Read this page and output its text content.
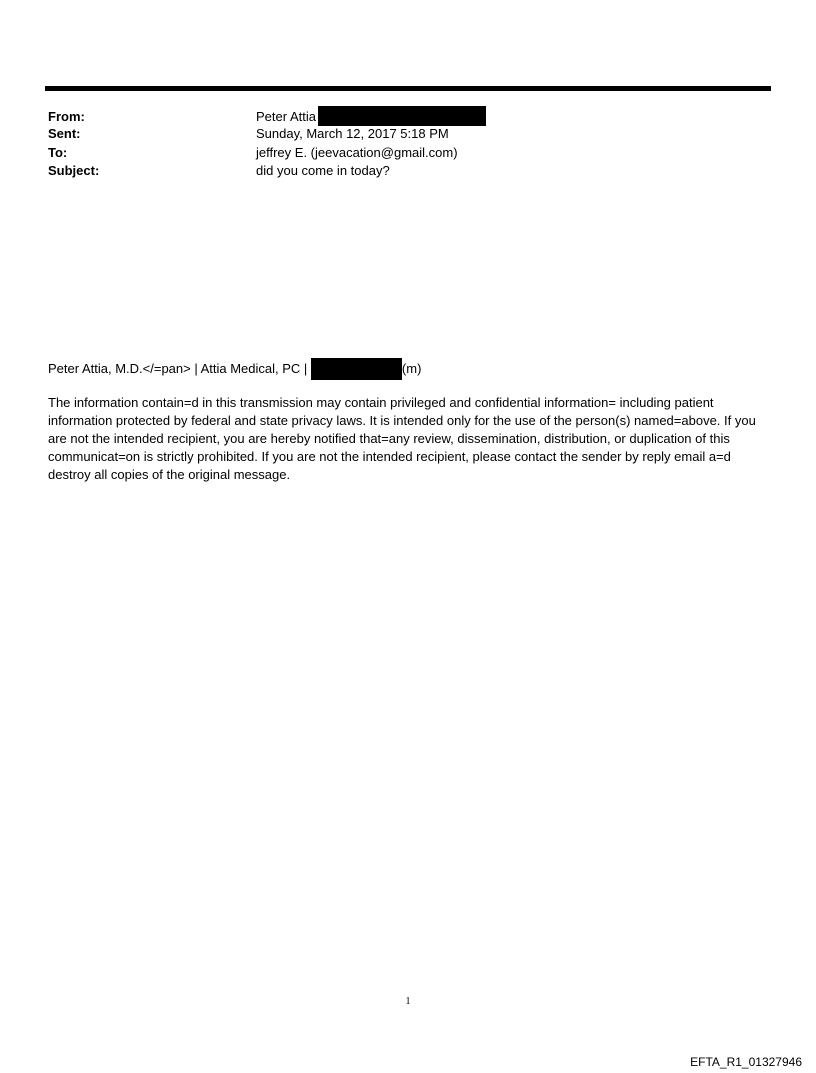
From:	Peter Attia
Sent:	Sunday, March 12, 2017 5:18 PM
To:	jeffrey E. (jeevacation@gmail.com)
Subject:	did you come in today?
Peter Attia, M.D.</=pan> | Attia Medical, PC |	(m)
The information contain=d in this transmission may contain privileged and confidential information= including patient information protected by federal and state privacy laws. It is intended only for the use of the person(s) named=above. If you are not the intended recipient, you are hereby notified that=any review, dissemination, distribution, or duplication of this communicat=on is strictly prohibited. If you are not the intended recipient, please contact the sender by reply email a=d destroy all copies of the original message.
1
EFTA_R1_01327946
